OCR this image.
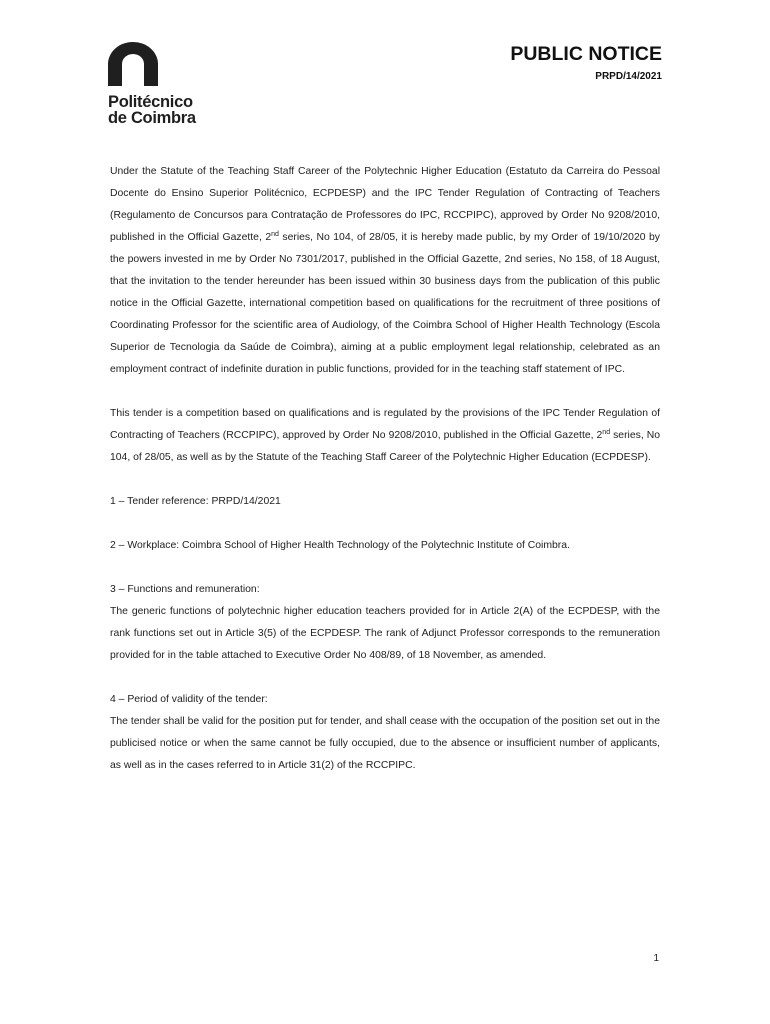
Politécnico
de Coimbra
PUBLIC NOTICE
PRPD/14/2021

Under the Statute of the Teaching Staff Career of the Polytechnic Higher Education (Estatuto da Carreira do Pessoal Docente do Ensino Superior Politécnico, ECPDESP) and the IPC Tender Regulation of Contracting of Teachers (Regulamento de Concursos para Contratação de Professores do IPC, RCCPIPC), approved by Order No 9208/2010, published in the Official Gazette, 2nd series, No 104, of 28/05, it is hereby made public, by my Order of 19/10/2020 by the powers invested in me by Order No 7301/2017, published in the Official Gazette, 2nd series, No 158, of 18 August, that the invitation to the tender hereunder has been issued within 30 business days from the publication of this public notice in the Official Gazette, international competition based on qualifications for the recruitment of three positions of Coordinating Professor for the scientific area of Audiology, of the Coimbra School of Higher Health Technology (Escola Superior de Tecnologia da Saúde de Coimbra), aiming at a public employment legal relationship, celebrated as an employment contract of indefinite duration in public functions, provided for in the teaching staff statement of IPC.

This tender is a competition based on qualifications and is regulated by the provisions of the IPC Tender Regulation of Contracting of Teachers (RCCPIPC), approved by Order No 9208/2010, published in the Official Gazette, 2nd series, No 104, of 28/05, as well as by the Statute of the Teaching Staff Career of the Polytechnic Higher Education (ECPDESP).

1 – Tender reference: PRPD/14/2021

2 – Workplace: Coimbra School of Higher Health Technology of the Polytechnic Institute of Coimbra.

3 – Functions and remuneration:

The generic functions of polytechnic higher education teachers provided for in Article 2(A) of the ECPDESP, with the rank functions set out in Article 3(5) of the ECPDESP. The rank of Adjunct Professor corresponds to the remuneration provided for in the table attached to Executive Order No 408/89, of 18 November, as amended.

4 – Period of validity of the tender:

The tender shall be valid for the position put for tender, and shall cease with the occupation of the position set out in the publicised notice or when the same cannot be fully occupied, due to the absence or insufficient number of applicants, as well as in the cases referred to in Article 31(2) of the RCCPIPC.

1
